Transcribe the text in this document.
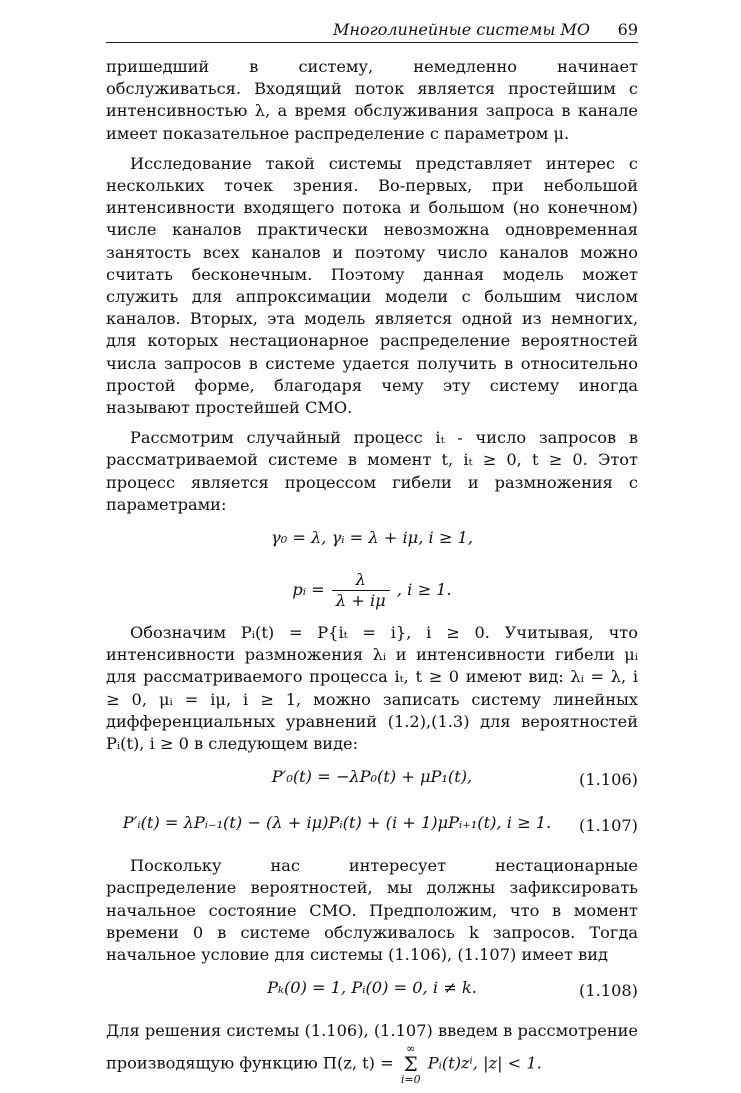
Многолинейные системы МО 69

пришедший в систему, немедленно начинает обслуживаться. Входящий поток является простейшим с интенсивностью λ, а время обслуживания запроса в канале имеет показательное распределение с параметром μ.

Исследование такой системы представляет интерес с нескольких точек зрения. Во-первых, при небольшой интенсивности входящего потока и большом (но конечном) числе каналов практически невозможна одновременная занятость всех каналов и поэтому число каналов можно считать бесконечным. Поэтому данная модель может служить для аппроксимации модели с большим числом каналов. Вторых, эта модель является одной из немногих, для которых нестационарное распределение вероятностей числа запросов в системе удается получить в относительно простой форме, благодаря чему эту систему иногда называют простейшей СМО.

Рассмотрим случайный процесс iₜ - число запросов в рассматриваемой системе в момент t, iₜ ≥ 0, t ≥ 0. Этот процесс является процессом гибели и размножения с параметрами:

γ₀ = λ, γᵢ = λ + iμ, i ≥ 1,
pᵢ = $\frac{\lambda}{\lambda + i\mu}$ , i ≥ 1.

Обозначим Pᵢ(t) = P{iₜ = i}, i ≥ 0. Учитывая, что интенсивности размножения λᵢ и интенсивности гибели μᵢ для рассматриваемого процесса iₜ, t ≥ 0 имеют вид: λᵢ = λ, i ≥ 0, μᵢ = iμ, i ≥ 1, можно записать систему линейных дифференциальных уравнений (1.2),(1.3) для вероятностей Pᵢ(t), i ≥ 0 в следующем виде:

P′₀(t) = −λP₀(t) + μP₁(t),	(1.106)
P′ᵢ(t) = λPᵢ₋₁(t) − (λ + iμ)Pᵢ(t) + (i + 1)μPᵢ₊₁(t), i ≥ 1. (1.107)

Поскольку нас интересует нестационарные распределение вероятностей, мы должны зафиксировать начальное состояние СМО. Предположим, что в момент времени 0 в системе обслуживалось k запросов. Тогда начальное условие для системы (1.106), (1.107) имеет вид

Pₖ(0) = 1, Pᵢ(0) = 0, i ≠ k.	(1.108)

Для решения системы (1.106), (1.107) введем в рассмотрение производящую функцию Π(z, t) =
∞
Σ
i=0
Pᵢ(t)zⁱ, |z| < 1.
